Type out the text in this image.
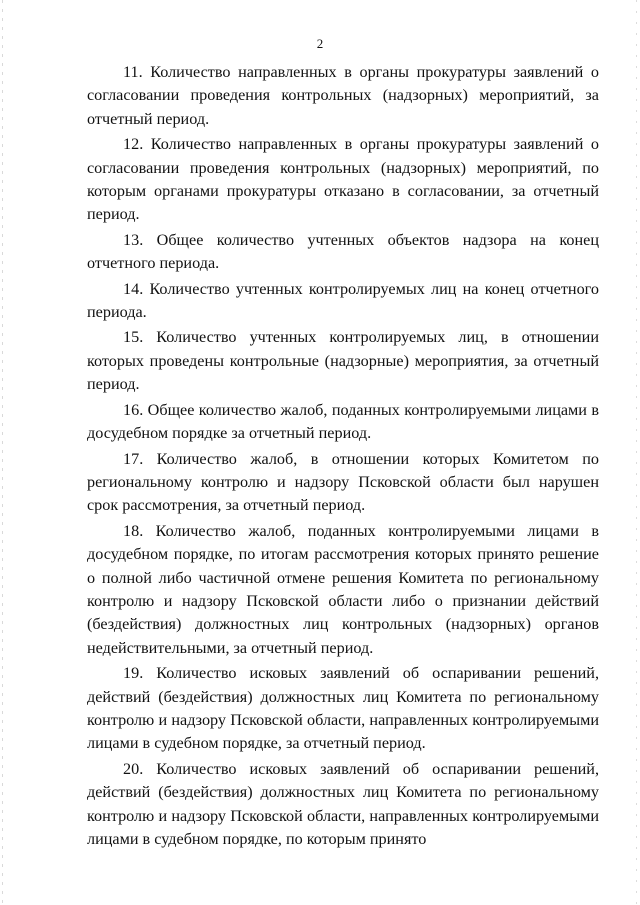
2

11. Количество направленных в органы прокуратуры заявлений о согласовании проведения контрольных (надзорных) мероприятий, за отчетный период.

12. Количество направленных в органы прокуратуры заявлений о согласовании проведения контрольных (надзорных) мероприятий, по которым органами прокуратуры отказано в согласовании, за отчетный период.

13. Общее количество учтенных объектов надзора на конец отчетного периода.

14. Количество учтенных контролируемых лиц на конец отчетного периода.

15. Количество учтенных контролируемых лиц, в отношении которых проведены контрольные (надзорные) мероприятия, за отчетный период.

16. Общее количество жалоб, поданных контролируемыми лицами в досудебном порядке за отчетный период.

17. Количество жалоб, в отношении которых Комитетом по региональному контролю и надзору Псковской области был нарушен срок рассмотрения, за отчетный период.

18. Количество жалоб, поданных контролируемыми лицами в досудебном порядке, по итогам рассмотрения которых принято решение о полной либо частичной отмене решения Комитета по региональному контролю и надзору Псковской области либо о признании действий (бездействия) должностных лиц контрольных (надзорных) органов недействительными, за отчетный период.

19. Количество исковых заявлений об оспаривании решений, действий (бездействия) должностных лиц Комитета по региональному контролю и надзору Псковской области, направленных контролируемыми лицами в судебном порядке, за отчетный период.

20. Количество исковых заявлений об оспаривании решений, действий (бездействия) должностных лиц Комитета по региональному контролю и надзору Псковской области, направленных контролируемыми лицами в судебном порядке, по которым принято
